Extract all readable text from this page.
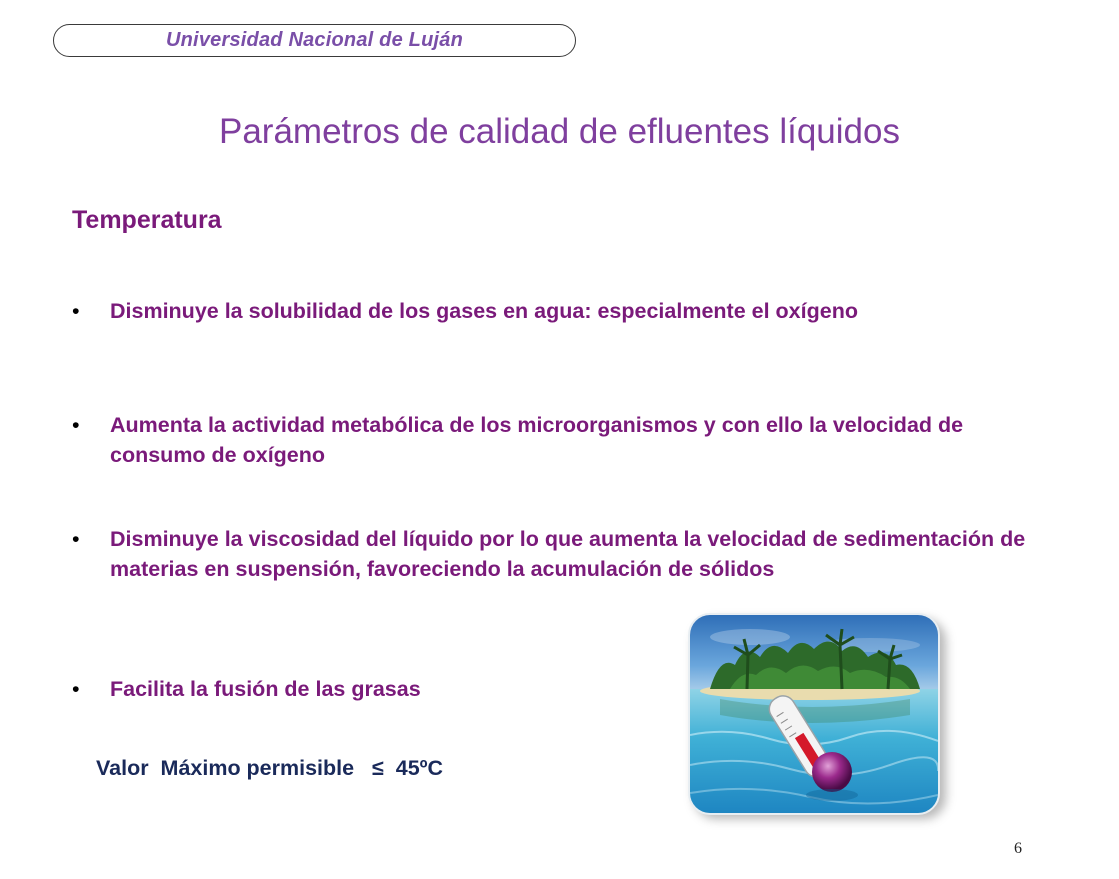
Universidad Nacional de Luján
Parámetros de calidad de efluentes líquidos
Temperatura
•	Disminuye la solubilidad de los gases en agua: especialmente el oxígeno
•	Aumenta la actividad metabólica de los microorganismos y con ello la velocidad de consumo de oxígeno
•	Disminuye la viscosidad del líquido por lo que aumenta la velocidad de sedimentación de materias en suspensión, favoreciendo la acumulación de sólidos
•	Facilita la fusión de las grasas
Valor  Máximo permisible   ≤  45ºC
6
